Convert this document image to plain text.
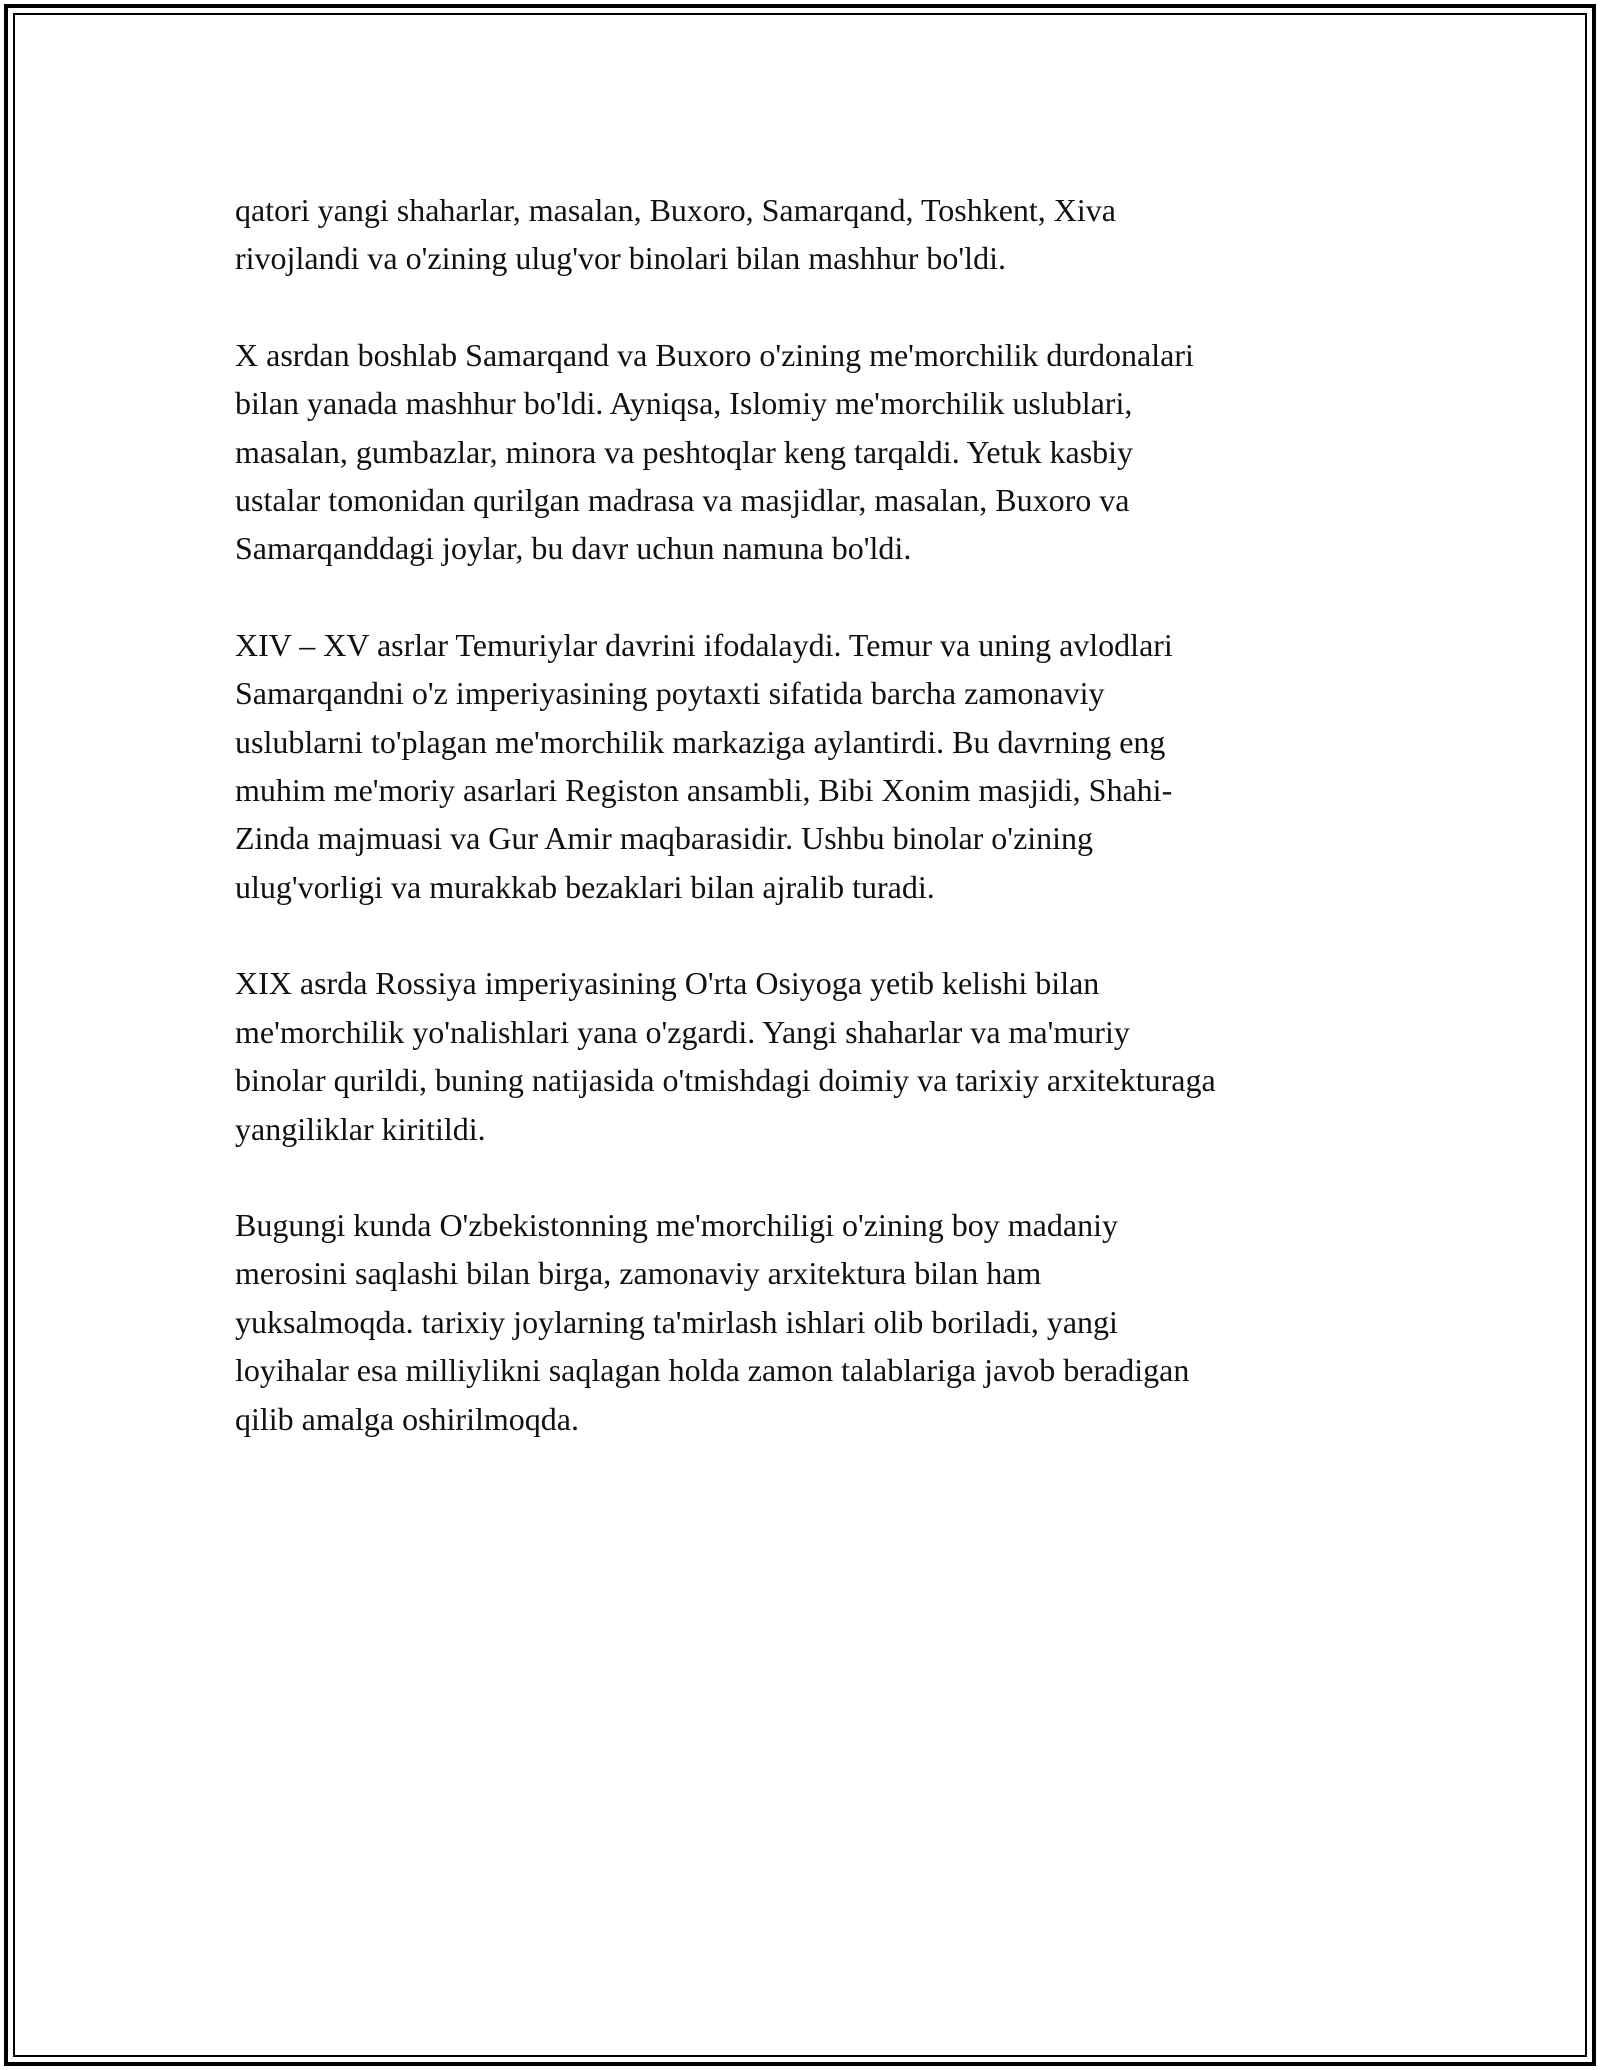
qatori yangi shaharlar, masalan, Buxoro, Samarqand, Toshkent, Xiva
rivojlandi va o'zining ulug'vor binolari bilan mashhur bo'ldi.

X asrdan boshlab Samarqand va Buxoro o'zining me'morchilik durdonalari
bilan yanada mashhur bo'ldi. Ayniqsa, Islomiy me'morchilik uslublari,
masalan, gumbazlar, minora va peshtoqlar keng tarqaldi. Yetuk kasbiy
ustalar tomonidan qurilgan madrasa va masjidlar, masalan, Buxoro va
Samarqanddagi joylar, bu davr uchun namuna bo'ldi.

XIV – XV asrlar Temuriylar davrini ifodalaydi. Temur va uning avlodlari
Samarqandni o'z imperiyasining poytaxti sifatida barcha zamonaviy
uslublarni to'plagan me'morchilik markaziga aylantirdi. Bu davrning eng
muhim me'moriy asarlari Registon ansambli, Bibi Xonim masjidi, Shahi-
Zinda majmuasi va Gur Amir maqbarasidir. Ushbu binolar o'zining
ulug'vorligi va murakkab bezaklari bilan ajralib turadi.

XIX asrda Rossiya imperiyasining O'rta Osiyoga yetib kelishi bilan
me'morchilik yo'nalishlari yana o'zgardi. Yangi shaharlar va ma'muriy
binolar qurildi, buning natijasida o'tmishdagi doimiy va tarixiy arxitekturaga
yangiliklar kiritildi.

Bugungi kunda O'zbekistonning me'morchiligi o'zining boy madaniy
merosini saqlashi bilan birga, zamonaviy arxitektura bilan ham
yuksalmoqda. tarixiy joylarning ta'mirlash ishlari olib boriladi, yangi
loyihalar esa milliylikni saqlagan holda zamon talablariga javob beradigan
qilib amalga oshirilmoqda.
